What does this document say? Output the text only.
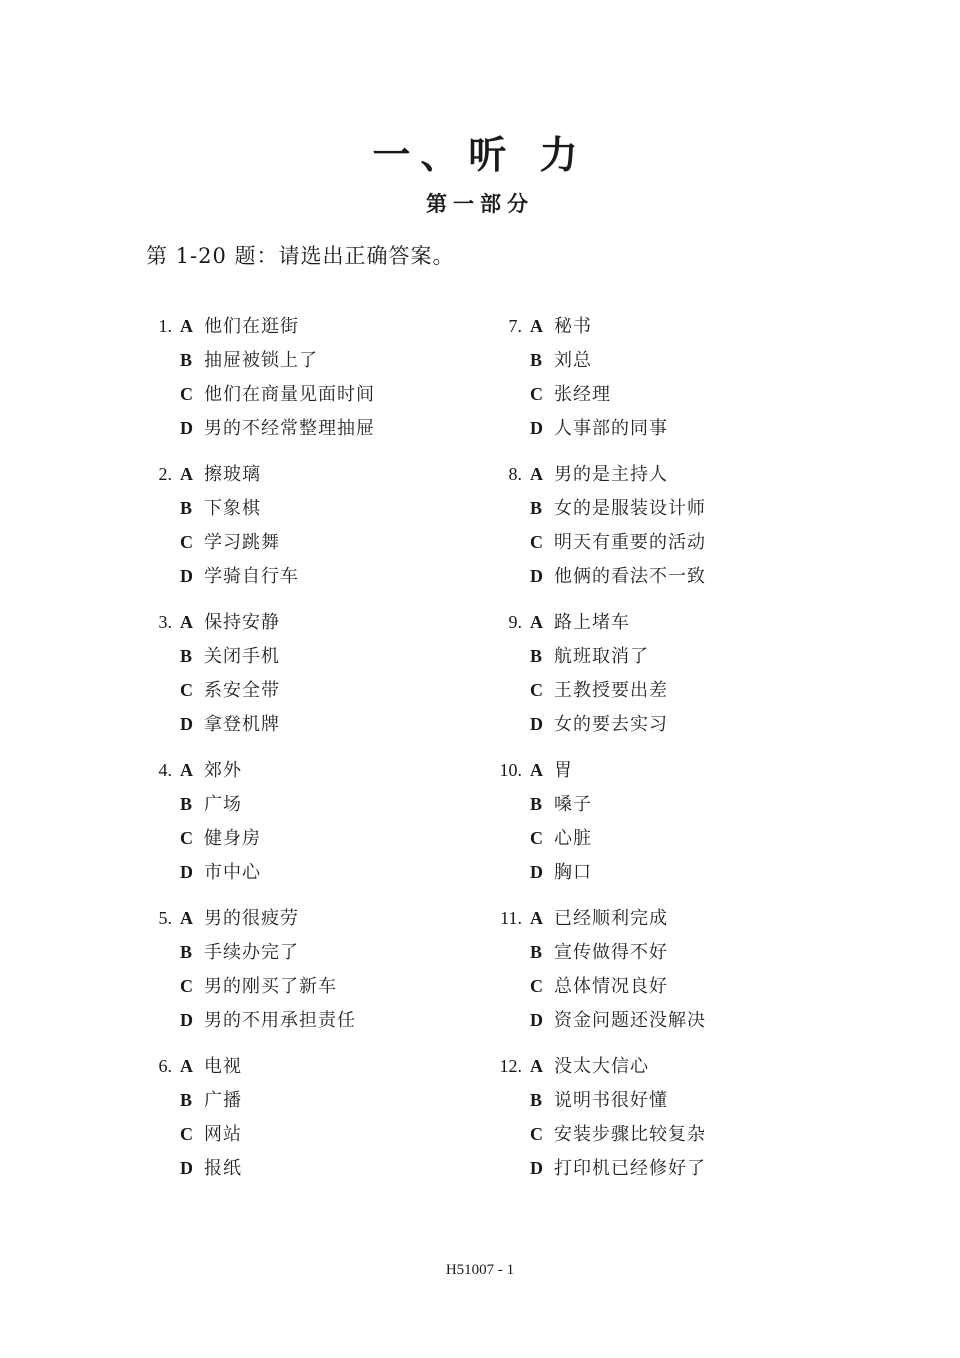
一、听 力
第一部分
第 1-20 题：请选出正确答案。
1. A 他们在逛街
B 抽屉被锁上了
C 他们在商量见面时间
D 男的不经常整理抽屉
2. A 擦玻璃
B 下象棋
C 学习跳舞
D 学骑自行车
3. A 保持安静
B 关闭手机
C 系安全带
D 拿登机牌
4. A 郊外
B 广场
C 健身房
D 市中心
5. A 男的很疲劳
B 手续办完了
C 男的刚买了新车
D 男的不用承担责任
6. A 电视
B 广播
C 网站
D 报纸
7. A 秘书
B 刘总
C 张经理
D 人事部的同事
8. A 男的是主持人
B 女的是服装设计师
C 明天有重要的活动
D 他俩的看法不一致
9. A 路上堵车
B 航班取消了
C 王教授要出差
D 女的要去实习
10. A 胃
B 嗓子
C 心脏
D 胸口
11. A 已经顺利完成
B 宣传做得不好
C 总体情况良好
D 资金问题还没解决
12. A 没太大信心
B 说明书很好懂
C 安装步骤比较复杂
D 打印机已经修好了
H51007 - 1
